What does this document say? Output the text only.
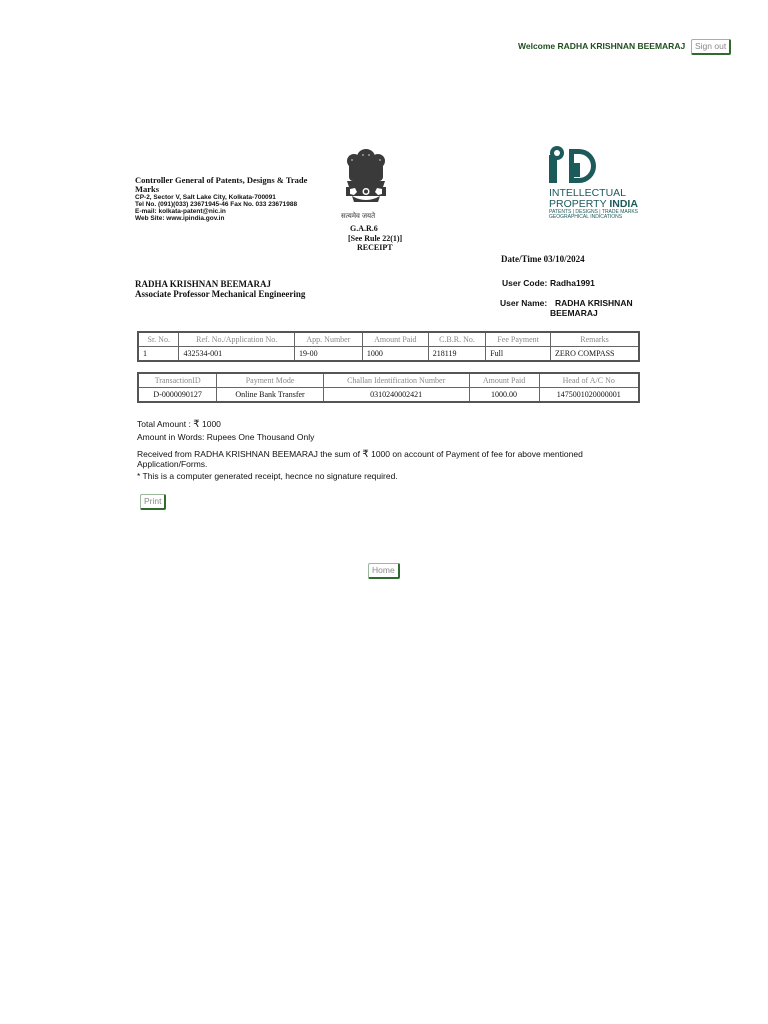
Welcome RADHA KRISHNAN BEEMARAJ	Sign out
Controller General of Patents, Designs & Trade Marks
CP-2, Sector V, Salt Lake City, Kolkata-700091
Tel No. (091)(033) 23671945-46 Fax No. 033 23671988
E-mail: kolkata-patent@nic.in
Web Site: www.ipindia.gov.in	सत्यमेव जयते
G.A.R.6
[See Rule 22(1)]
RECEIPT
INTELLECTUAL
PROPERTY INDIA
PATENTS | DESIGNS | TRADE MARKS
GEOGRAPHICAL INDICATIONS
Date/Time 03/10/2024
User Code: Radha1991
User Name: RADHA KRISHNAN
BEEMARAJ
RADHA KRISHNAN BEEMARAJ
Associate Professor Mechanical Engineering
Sr. No.	Ref. No./Application No.	App. Number	Amount Paid	C.B.R. No.	Fee Payment	Remarks
1	432534-001	19-00	1000	218119	Full	ZERO COMPASS
TransactionID	Payment Mode	Challan Identification Number	Amount Paid	Head of A/C No
D-0000090127	Online Bank Transfer	0310240002421	1000.00	1475001020000001
Total Amount : ₹ 1000
Amount in Words: Rupees One Thousand Only
Received from RADHA KRISHNAN BEEMARAJ the sum of ₹ 1000 on account of Payment of fee for above mentioned
Application/Forms.
* This is a computer generated receipt, hecnce no signature required.
Print
Home
